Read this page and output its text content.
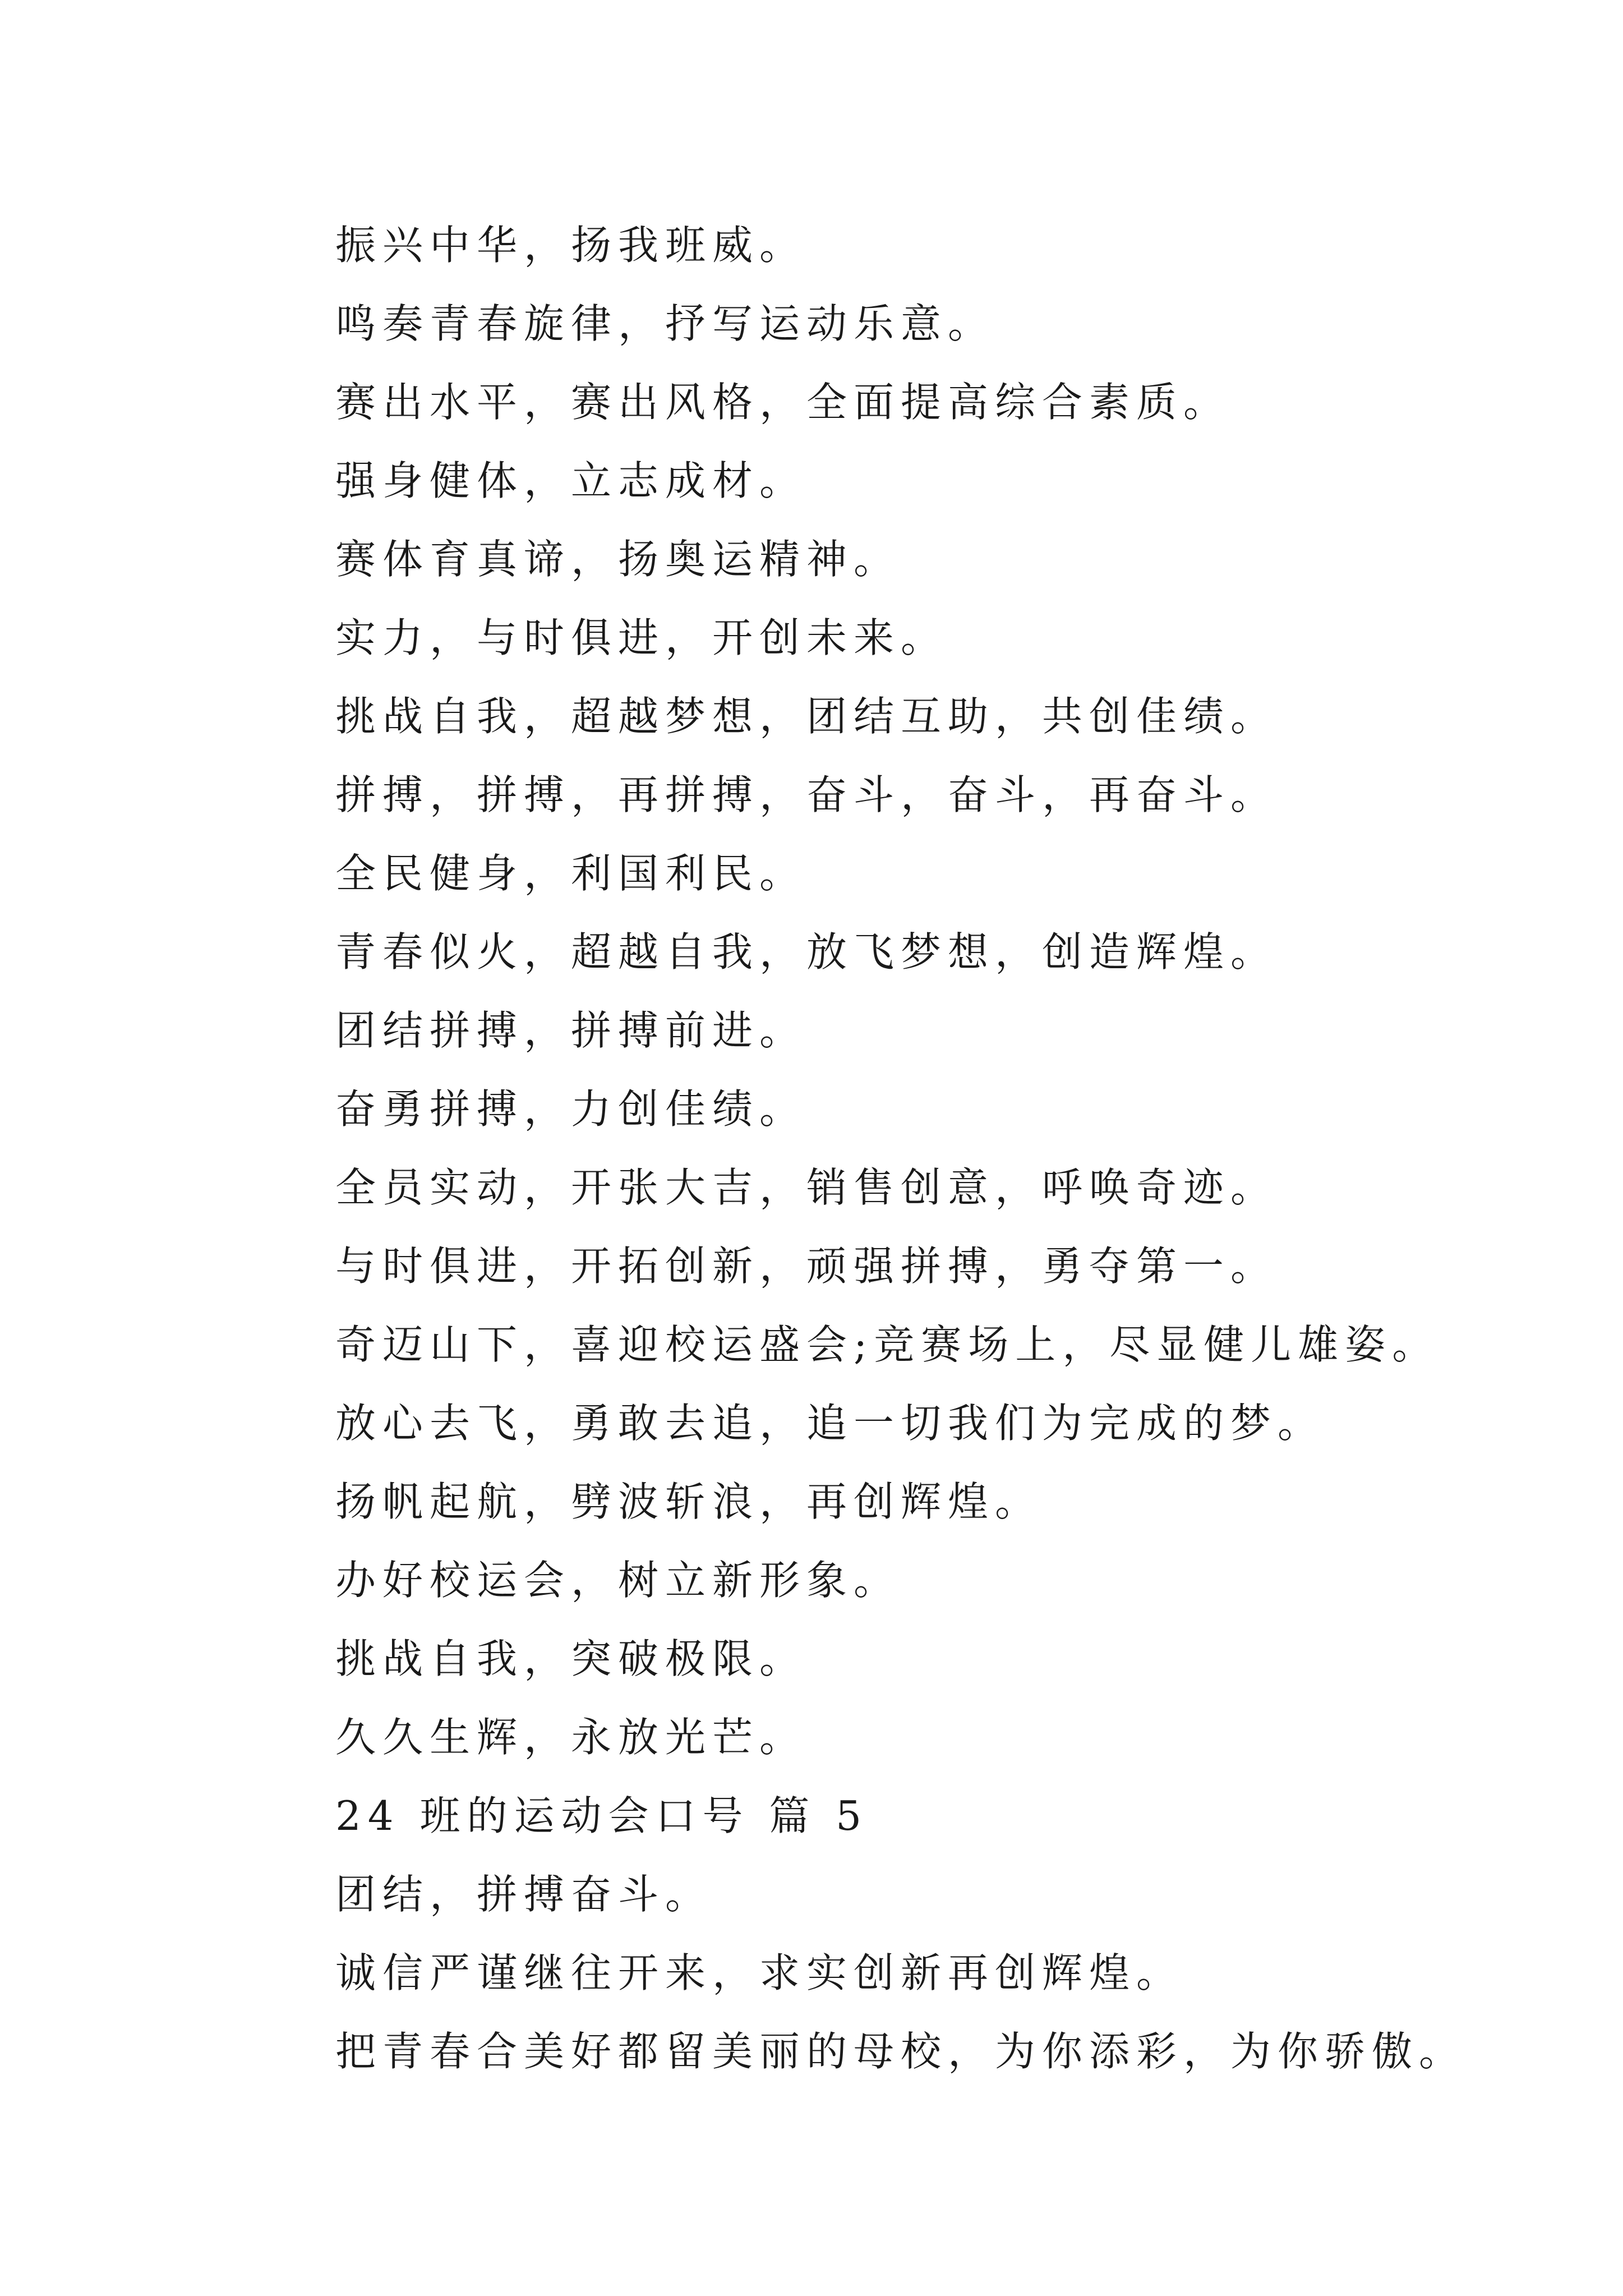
振兴中华，扬我班威。
鸣奏青春旋律，抒写运动乐意。
赛出水平，赛出风格，全面提高综合素质。
强身健体，立志成材。
赛体育真谛，扬奥运精神。
实力，与时俱进，开创未来。
挑战自我，超越梦想，团结互助，共创佳绩。
拼搏，拼搏，再拼搏，奋斗，奋斗，再奋斗。
全民健身，利国利民。
青春似火，超越自我，放飞梦想，创造辉煌。
团结拼搏，拼搏前进。
奋勇拼搏，力创佳绩。
全员实动，开张大吉，销售创意，呼唤奇迹。
与时俱进，开拓创新，顽强拼搏，勇夺第一。
奇迈山下，喜迎校运盛会;竞赛场上，尽显健儿雄姿。
放心去飞，勇敢去追，追一切我们为完成的梦。
扬帆起航，劈波斩浪，再创辉煌。
办好校运会，树立新形象。
挑战自我，突破极限。
久久生辉，永放光芒。
24 班的运动会口号 篇 5
团结，拼搏奋斗。
诚信严谨继往开来，求实创新再创辉煌。
把青春合美好都留美丽的母校，为你添彩，为你骄傲。
